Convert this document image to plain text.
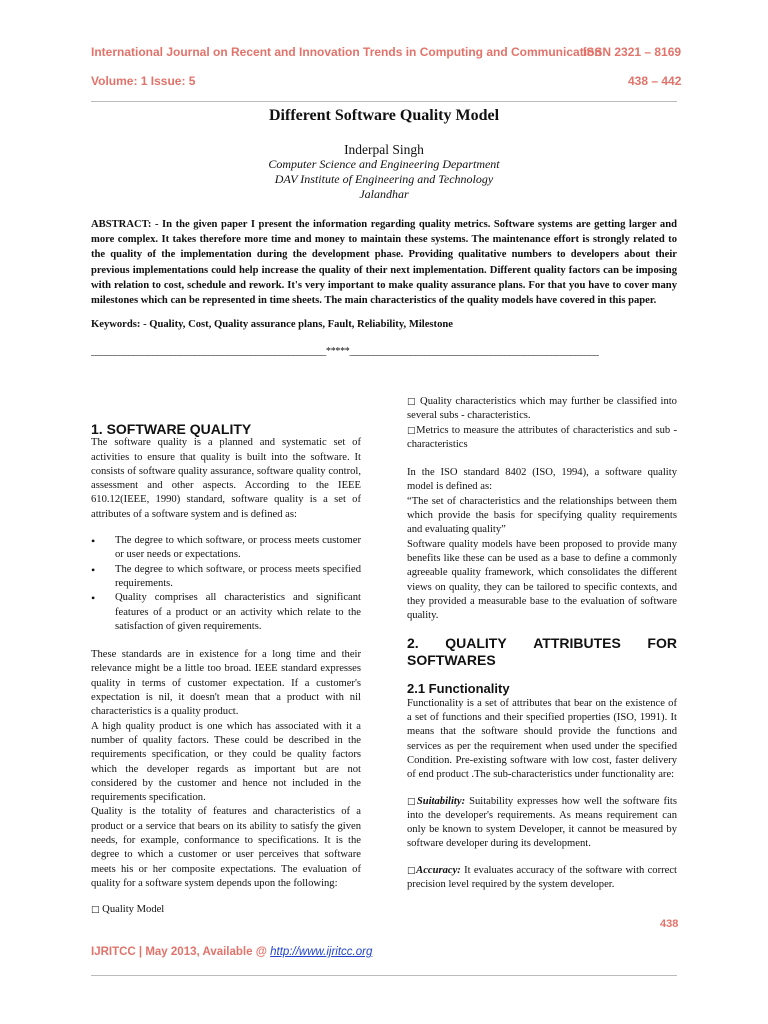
International Journal on Recent and Innovation Trends in Computing and Communication
ISSN 2321 – 8169
Volume: 1 Issue: 5	438 – 442
Different Software Quality Model
Inderpal Singh
Computer Science and Engineering Department
DAV Institute of Engineering and Technology
Jalandhar
ABSTRACT: - In the given paper I present the information regarding quality metrics. Software systems are getting larger and more complex. It takes therefore more time and money to maintain these systems. The maintenance effort is strongly related to the quality of the implementation during the development phase. Providing qualitative numbers to developers about their previous implementations could help increase the quality of their next implementation. Different quality factors can be imposing with relation to cost, schedule and rework. It's very important to make quality assurance plans. For that you have to cover many milestones which can be represented in time sheets. The main characteristics of the quality models have covered in this paper.
Keywords: - Quality, Cost, Quality assurance plans, Fault, Reliability, Milestone
__________________________________________________*****_____________________________________________________
1. SOFTWARE QUALITY

The software quality is a planned and systematic set of activities to ensure that quality is built into the software. It consists of software quality assurance, software quality control, assessment and other aspects. According to the IEEE 610.12(IEEE, 1990) standard, software quality is a set of attributes of a software system and is defined as:

• The degree to which software, or process meets customer or user needs or expectations.
• The degree to which software, or process meets specified requirements.
• Quality comprises all characteristics and significant features of a product or an activity which relate to the satisfaction of given requirements.

These standards are in existence for a long time and their relevance might be a little too broad. IEEE standard expresses quality in terms of customer expectation. If a customer's expectation is nil, it doesn't mean that a product with nil characteristics is a quality product.

A high quality product is one which has associated with it a number of quality factors. These could be described in the requirements specification, or they could be quality factors which the developer regards as important but are not considered by the customer and hence not included in the requirements specification.

Quality is the totality of features and characteristics of a product or a service that bears on its ability to satisfy the given needs, for example, conformance to specifications. It is the degree to which a customer or user perceives that software meets his or her composite expectations. The evaluation of quality for a software system depends upon the following:

□ Quality Model

□ Quality characteristics which may further be classified into several subs - characteristics.

□Metrics to measure the attributes of characteristics and sub - characteristics

In the ISO standard 8402 (ISO, 1994), a software quality model is defined as:

“The set of characteristics and the relationships between them which provide the basis for specifying quality requirements and evaluating quality”

Software quality models have been proposed to provide many benefits like these can be used as a base to define a commonly agreeable quality framework, which consolidates the different views on quality, they can be tailored to specific contexts, and they provided a measurable base to the evaluation of software quality.

2. QUALITY ATTRIBUTES FOR
SOFTWARES
2.1 Functionality

Functionality is a set of attributes that bear on the existence of a set of functions and their specified properties (ISO, 1991). It means that the software should provide the functions and services as per the requirement when used under the specified Condition. Pre-existing software with low cost, faster delivery of end product .The sub-characteristics under functionality are:

□Suitability: Suitability expresses how well the software fits into the developer's requirements. As means requirement can only be known to system Developer, it cannot be measured by software developer during its development.

□Accuracy: It evaluates accuracy of the software with correct precision level required by the system developer.

438
IJRITCC | May 2013, Available @ http://www.ijritcc.org
